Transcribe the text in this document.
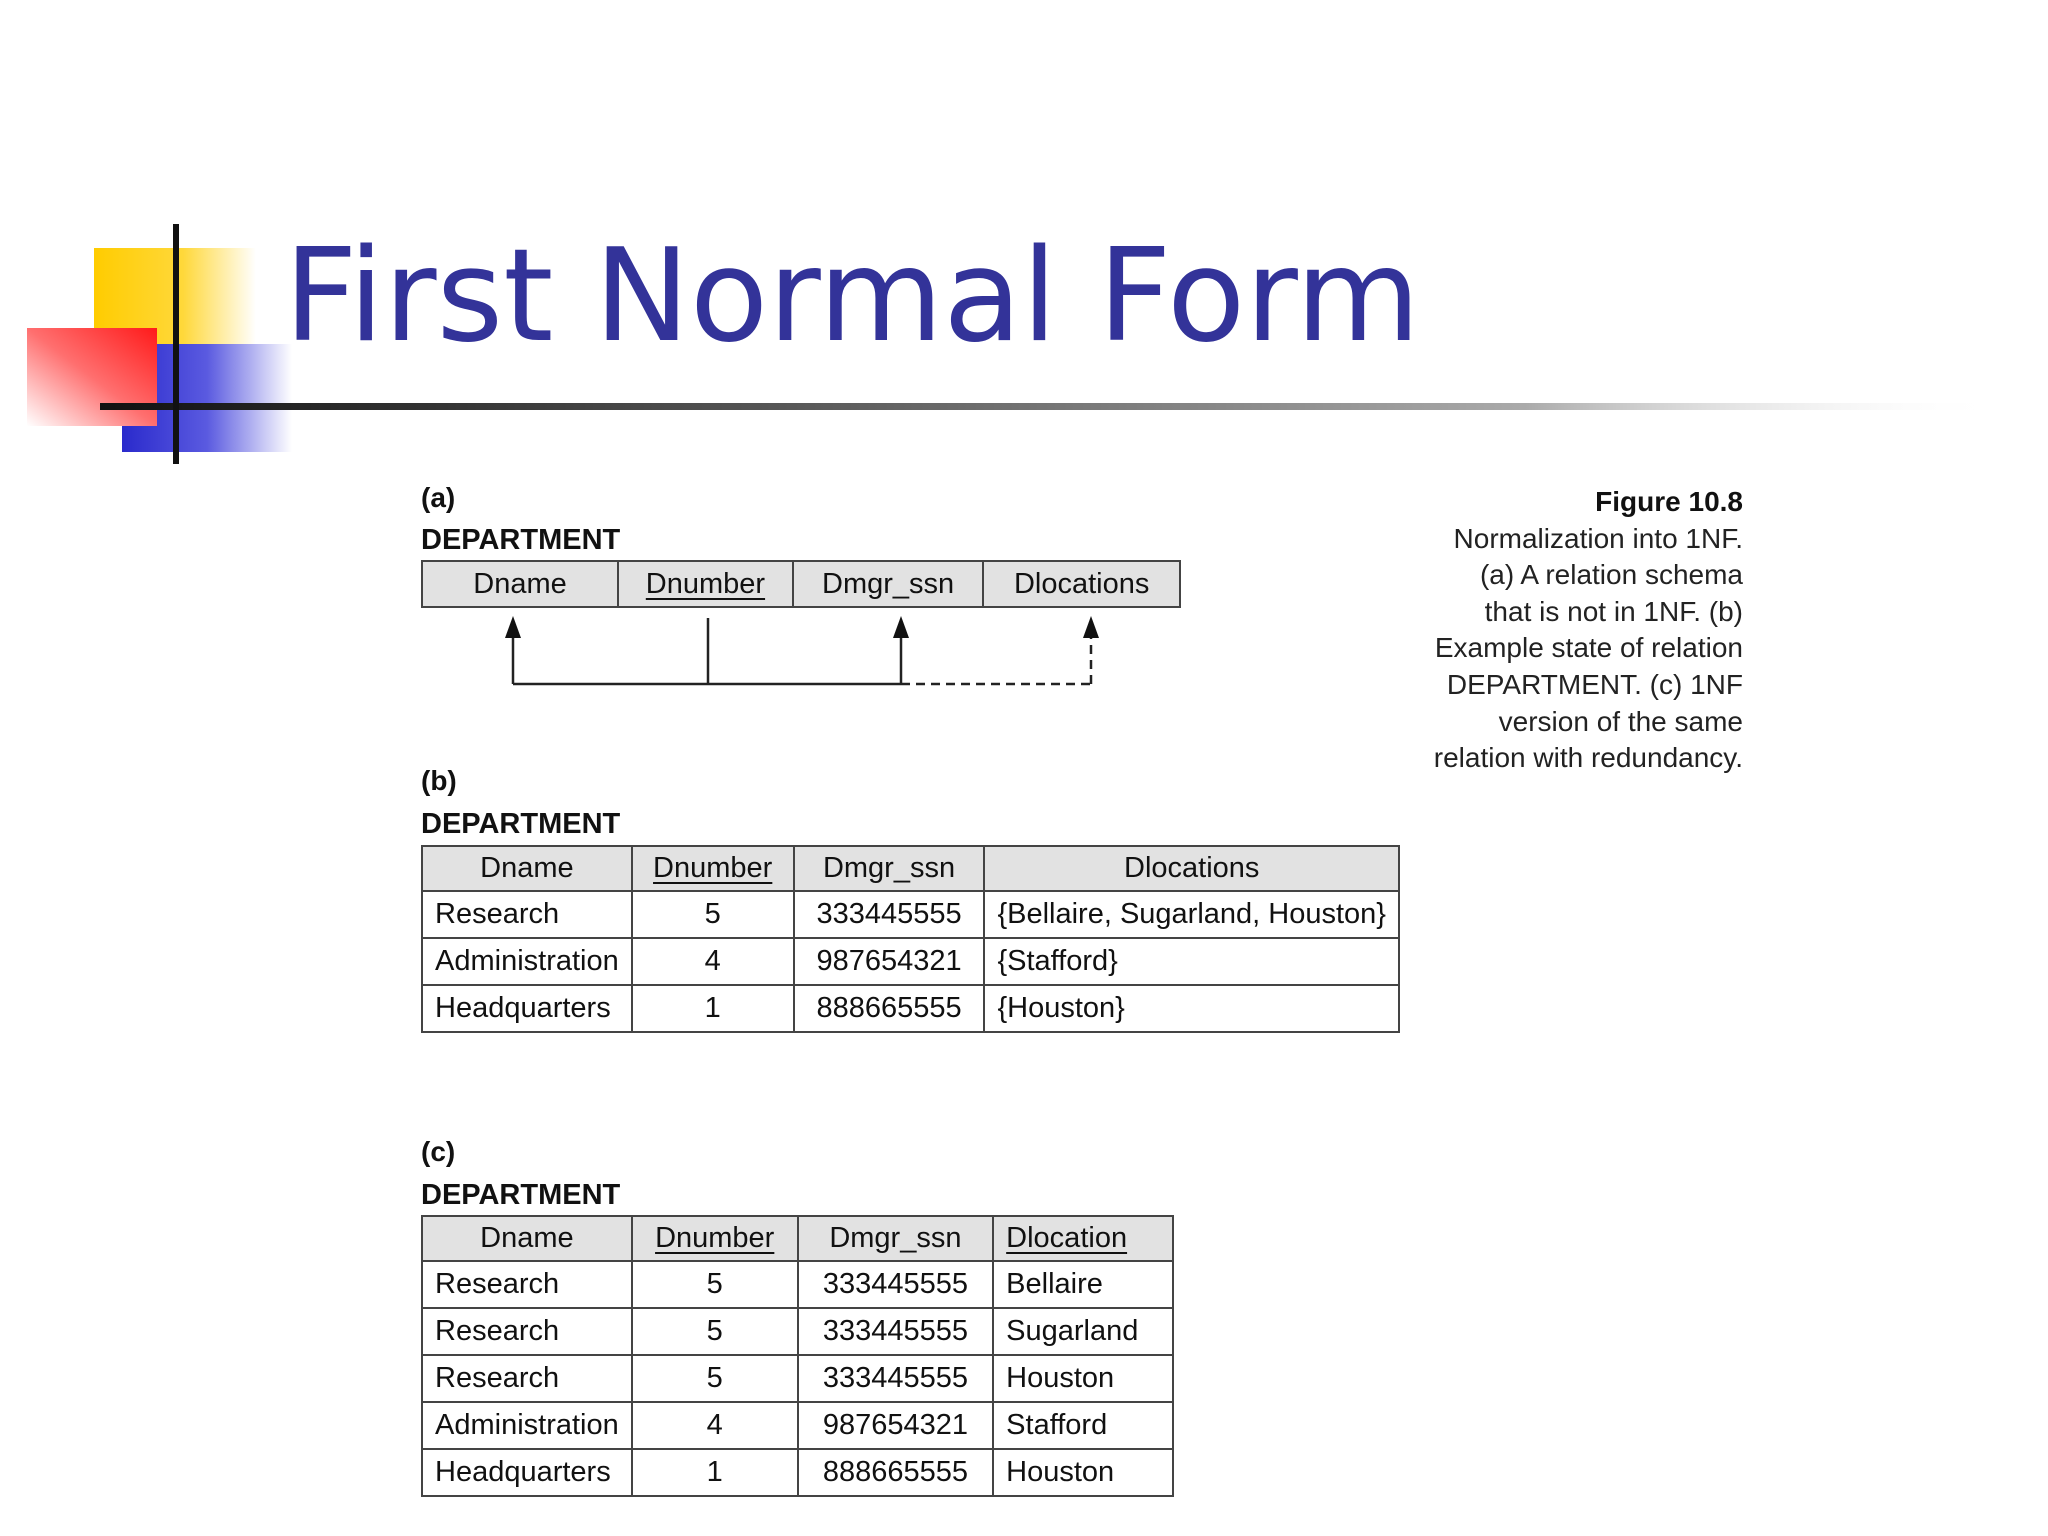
First Normal Form
(a)
DEPARTMENT
Dname	Dnumber	Dmgr_ssn	Dlocations
Figure 10.8
Normalization into 1NF.
(a) A relation schema
that is not in 1NF. (b)
Example state of relation
DEPARTMENT. (c) 1NF
version of the same
relation with redundancy.
(b)
DEPARTMENT
Dname	Dnumber	Dmgr_ssn	Dlocations
Research	5	333445555	{Bellaire, Sugarland, Houston}
Administration	4	987654321	{Stafford}
Headquarters	1	888665555	{Houston}
(c)
DEPARTMENT
Dname	Dnumber	Dmgr_ssn	Dlocation
Research	5	333445555	Bellaire
Research	5	333445555	Sugarland
Research	5	333445555	Houston
Administration	4	987654321	Stafford
Headquarters	1	888665555	Houston
